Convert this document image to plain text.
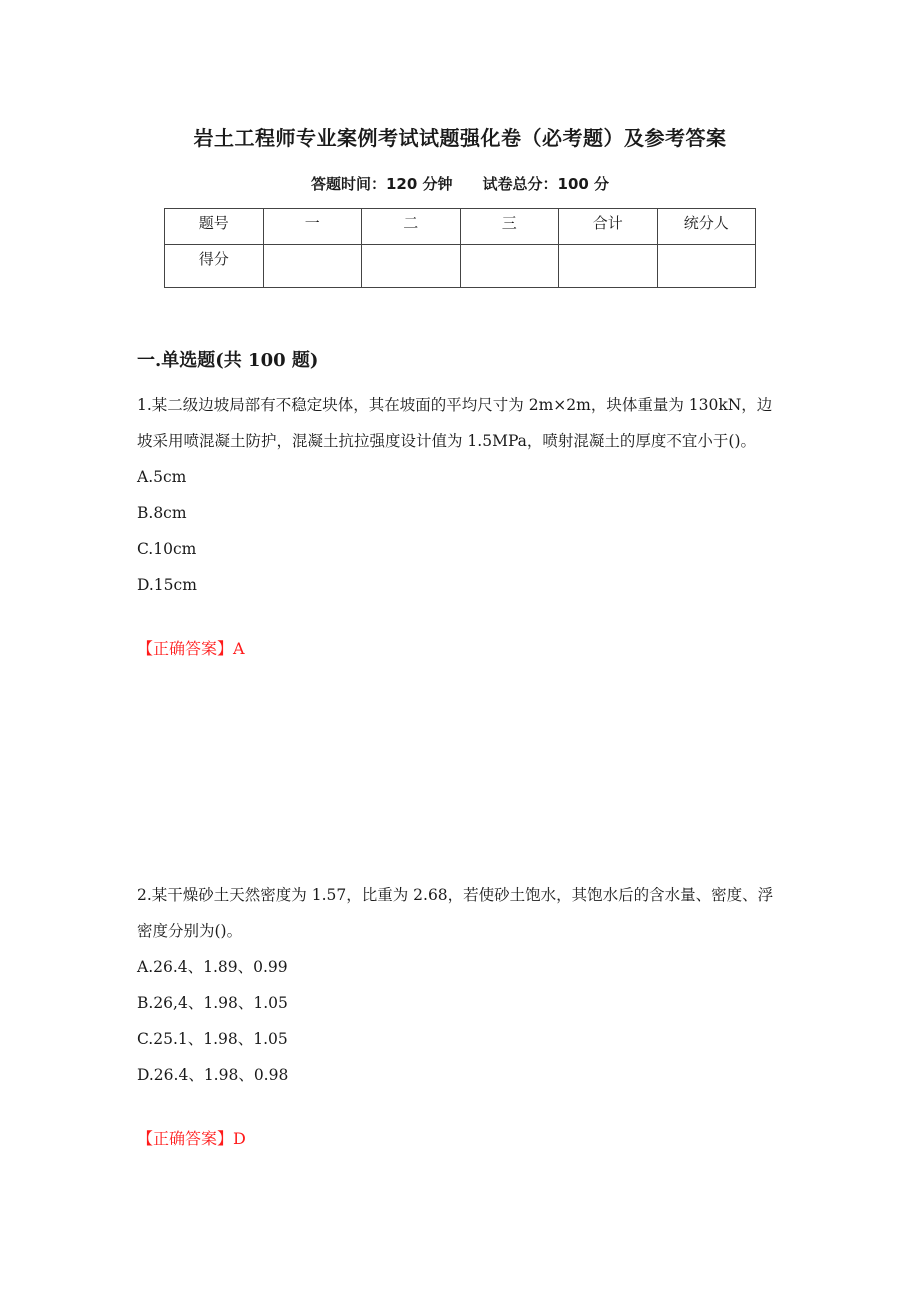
岩土工程师专业案例考试试题强化卷（必考题）及参考答案
答题时间：120 分钟 试卷总分：100 分
题号	一	二	三	合计	统分人
得分					
一.单选题(共 100 题)

1.某二级边坡局部有不稳定块体，其在坡面的平均尺寸为 2m×2m，块体重量为 130kN，边坡采用喷混凝土防护，混凝土抗拉强度设计值为 1.5MPa，喷射混凝土的厚度不宜小于()。

A.5cm

B.8cm

C.10cm

D.15cm

【正确答案】A

2.某干燥砂土天然密度为 1.57，比重为 2.68，若使砂土饱水，其饱水后的含水量、密度、浮密度分别为()。

A.26.4、1.89、0.99

B.26,4、1.98、1.05

C.25.1、1.98、1.05

D.26.4、1.98、0.98

【正确答案】D
